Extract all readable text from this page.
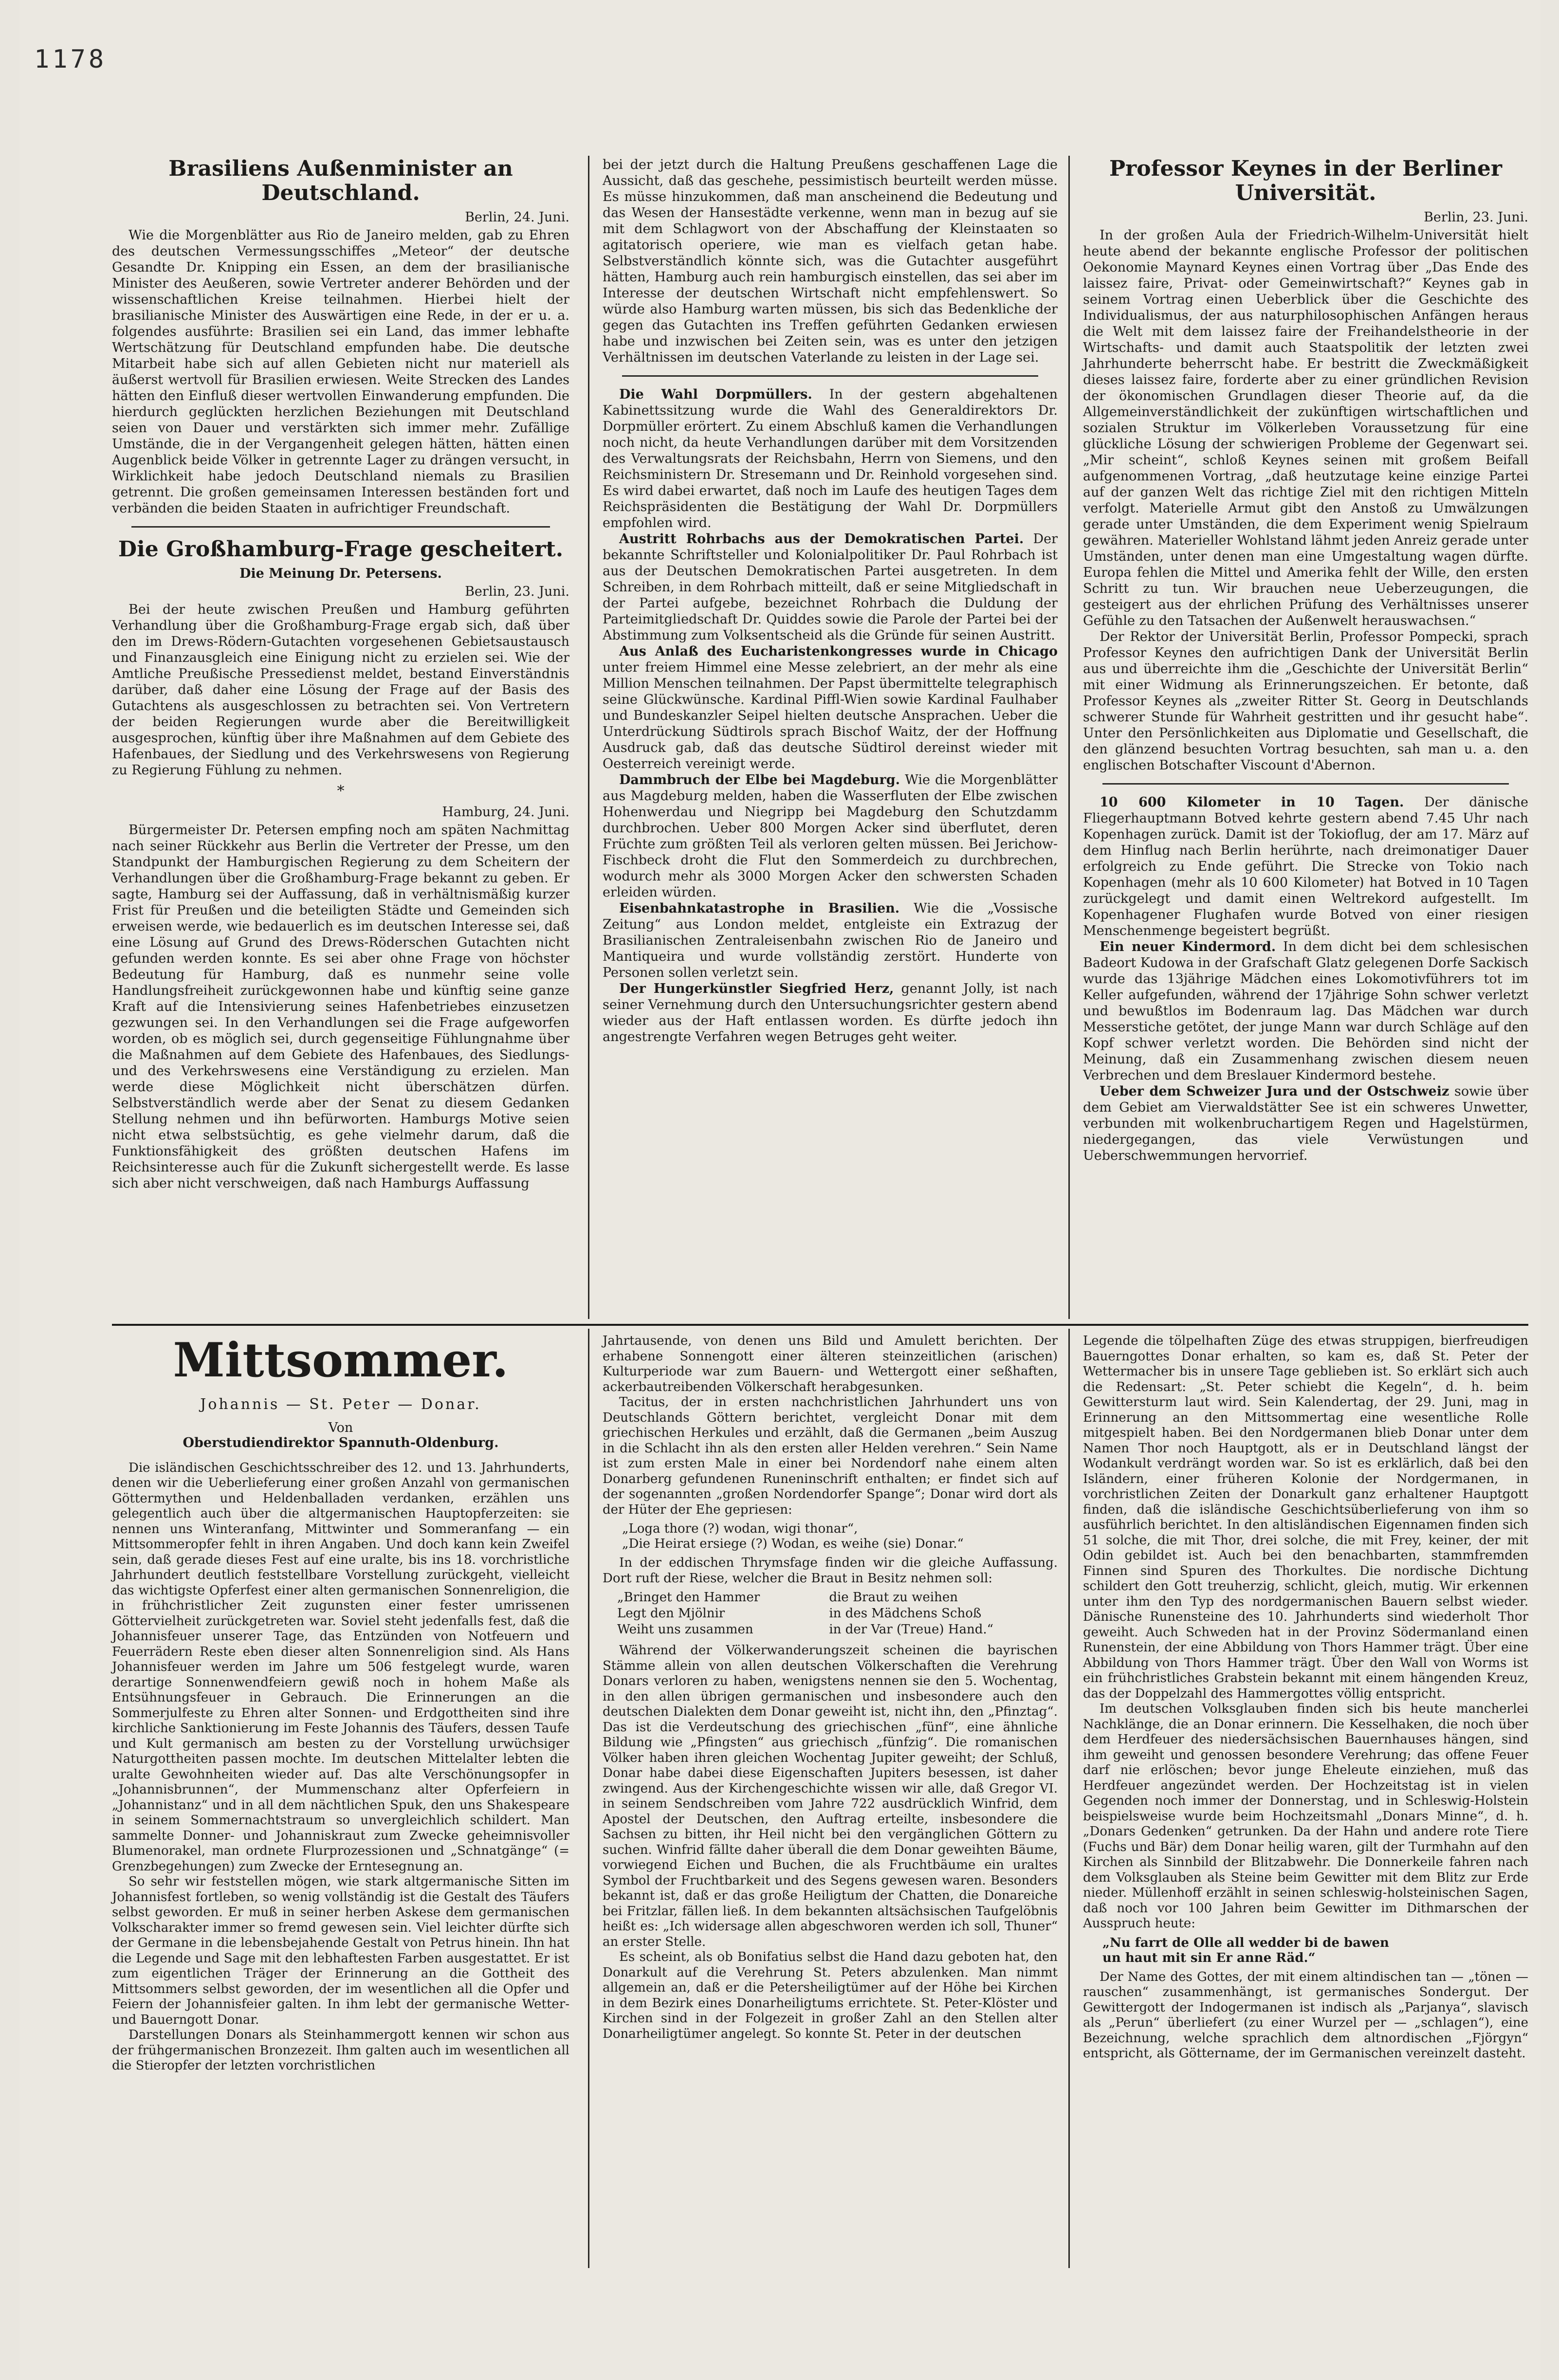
1178
Brasiliens Außenminister an Deutschland.
Berlin, 24. Juni.

Wie die Morgenblätter aus Rio de Janeiro melden, gab zu Ehren des deutschen Vermessungsschiffes „Meteor“ der deutsche Gesandte Dr. Knipping ein Essen, an dem der brasilianische Minister des Aeußeren, sowie Vertreter anderer Behörden und der wissenschaftlichen Kreise teilnahmen. Hierbei hielt der brasilianische Minister des Auswärtigen eine Rede, in der er u. a. folgendes ausführte: Brasilien sei ein Land, das immer lebhafte Wertschätzung für Deutschland empfunden habe. Die deutsche Mitarbeit habe sich auf allen Gebieten nicht nur materiell als äußerst wertvoll für Brasilien erwiesen. Weite Strecken des Landes hätten den Einfluß dieser wertvollen Einwanderung empfunden. Die hierdurch geglückten herzlichen Beziehungen mit Deutschland seien von Dauer und verstärkten sich immer mehr. Zufällige Umstände, die in der Vergangenheit gelegen hätten, hätten einen Augenblick beide Völker in getrennte Lager zu drängen versucht, in Wirklichkeit habe jedoch Deutschland niemals zu Brasilien getrennt. Die großen gemeinsamen Interessen beständen fort und verbänden die beiden Staaten in aufrichtiger Freundschaft.

Die Großhamburg-Frage gescheitert.
Die Meinung Dr. Petersens.
Berlin, 23. Juni.

Bei der heute zwischen Preußen und Hamburg geführten Verhandlung über die Großhamburg-Frage ergab sich, daß über den im Drews-Rödern-Gutachten vorgesehenen Gebietsaustausch und Finanzausgleich eine Einigung nicht zu erzielen sei. Wie der Amtliche Preußische Pressedienst meldet, bestand Einverständnis darüber, daß daher eine Lösung der Frage auf der Basis des Gutachtens als ausgeschlossen zu betrachten sei. Von Vertretern der beiden Regierungen wurde aber die Bereitwilligkeit ausgesprochen, künftig über ihre Maßnahmen auf dem Gebiete des Hafenbaues, der Siedlung und des Verkehrswesens von Regierung zu Regierung Fühlung zu nehmen.

*
Hamburg, 24. Juni.

Bürgermeister Dr. Petersen empfing noch am späten Nachmittag nach seiner Rückkehr aus Berlin die Vertreter der Presse, um den Standpunkt der Hamburgischen Regierung zu dem Scheitern der Verhandlungen über die Großhamburg-Frage bekannt zu geben. Er sagte, Hamburg sei der Auffassung, daß in verhältnismäßig kurzer Frist für Preußen und die beteiligten Städte und Gemeinden sich erweisen werde, wie bedauerlich es im deutschen Interesse sei, daß eine Lösung auf Grund des Drews-Röderschen Gutachten nicht gefunden werden konnte. Es sei aber ohne Frage von höchster Bedeutung für Hamburg, daß es nunmehr seine volle Handlungsfreiheit zurückgewonnen habe und künftig seine ganze Kraft auf die Intensivierung seines Hafenbetriebes einzusetzen gezwungen sei. In den Verhandlungen sei die Frage aufgeworfen worden, ob es möglich sei, durch gegenseitige Fühlungnahme über die Maßnahmen auf dem Gebiete des Hafenbaues, des Siedlungs- und des Verkehrswesens eine Verständigung zu erzielen. Man werde diese Möglichkeit nicht überschätzen dürfen. Selbstverständlich werde aber der Senat zu diesem Gedanken Stellung nehmen und ihn befürworten. Hamburgs Motive seien nicht etwa selbstsüchtig, es gehe vielmehr darum, daß die Funktionsfähigkeit des größten deutschen Hafens im Reichsinteresse auch für die Zukunft sichergestellt werde. Es lasse sich aber nicht verschweigen, daß nach Hamburgs Auffassung

bei der jetzt durch die Haltung Preußens geschaffenen Lage die Aussicht, daß das geschehe, pessimistisch beurteilt werden müsse. Es müsse hinzukommen, daß man anscheinend die Bedeutung und das Wesen der Hansestädte verkenne, wenn man in bezug auf sie mit dem Schlagwort von der Abschaffung der Kleinstaaten so agitatorisch operiere, wie man es vielfach getan habe. Selbstverständlich könnte sich, was die Gutachter ausgeführt hätten, Hamburg auch rein hamburgisch einstellen, das sei aber im Interesse der deutschen Wirtschaft nicht empfehlenswert. So würde also Hamburg warten müssen, bis sich das Bedenkliche der gegen das Gutachten ins Treffen geführten Gedanken erwiesen habe und inzwischen bei Zeiten sein, was es unter den jetzigen Verhältnissen im deutschen Vaterlande zu leisten in der Lage sei.

Die Wahl Dorpmüllers. In der gestern abgehaltenen Kabinettssitzung wurde die Wahl des Generaldirektors Dr. Dorpmüller erörtert. Zu einem Abschluß kamen die Verhandlungen noch nicht, da heute Verhandlungen darüber mit dem Vorsitzenden des Verwaltungsrats der Reichsbahn, Herrn von Siemens, und den Reichsministern Dr. Stresemann und Dr. Reinhold vorgesehen sind. Es wird dabei erwartet, daß noch im Laufe des heutigen Tages dem Reichspräsidenten die Bestätigung der Wahl Dr. Dorpmüllers empfohlen wird.

Austritt Rohrbachs aus der Demokratischen Partei. Der bekannte Schriftsteller und Kolonialpolitiker Dr. Paul Rohrbach ist aus der Deutschen Demokratischen Partei ausgetreten. In dem Schreiben, in dem Rohrbach mitteilt, daß er seine Mitgliedschaft in der Partei aufgebe, bezeichnet Rohrbach die Duldung der Parteimitgliedschaft Dr. Quiddes sowie die Parole der Partei bei der Abstimmung zum Volksentscheid als die Gründe für seinen Austritt.

Aus Anlaß des Eucharistenkongresses wurde in Chicago unter freiem Himmel eine Messe zelebriert, an der mehr als eine Million Menschen teilnahmen. Der Papst übermittelte telegraphisch seine Glückwünsche. Kardinal Piffl-Wien sowie Kardinal Faulhaber und Bundeskanzler Seipel hielten deutsche Ansprachen. Ueber die Unterdrückung Südtirols sprach Bischof Waitz, der der Hoffnung Ausdruck gab, daß das deutsche Südtirol dereinst wieder mit Oesterreich vereinigt werde.

Dammbruch der Elbe bei Magdeburg. Wie die Morgenblätter aus Magdeburg melden, haben die Wasserfluten der Elbe zwischen Hohenwerdau und Niegripp bei Magdeburg den Schutzdamm durchbrochen. Ueber 800 Morgen Acker sind überflutet, deren Früchte zum größten Teil als verloren gelten müssen. Bei Jerichow-Fischbeck droht die Flut den Sommerdeich zu durchbrechen, wodurch mehr als 3000 Morgen Acker den schwersten Schaden erleiden würden.

Eisenbahnkatastrophe in Brasilien. Wie die „Vossische Zeitung“ aus London meldet, entgleiste ein Extrazug der Brasilianischen Zentraleisenbahn zwischen Rio de Janeiro und Mantiqueira und wurde vollständig zerstört. Hunderte von Personen sollen verletzt sein.

Der Hungerkünstler Siegfried Herz, genannt Jolly, ist nach seiner Vernehmung durch den Untersuchungsrichter gestern abend wieder aus der Haft entlassen worden. Es dürfte jedoch ihn angestrengte Verfahren wegen Betruges geht weiter.

Professor Keynes in der Berliner Universität.
Berlin, 23. Juni.

In der großen Aula der Friedrich-Wilhelm-Universität hielt heute abend der bekannte englische Professor der politischen Oekonomie Maynard Keynes einen Vortrag über „Das Ende des laissez faire, Privat- oder Gemeinwirtschaft?“ Keynes gab in seinem Vortrag einen Ueberblick über die Geschichte des Individualismus, der aus naturphilosophischen Anfängen heraus die Welt mit dem laissez faire der Freihandelstheorie in der Wirtschafts- und damit auch Staatspolitik der letzten zwei Jahrhunderte beherrscht habe. Er bestritt die Zweckmäßigkeit dieses laissez faire, forderte aber zu einer gründlichen Revision der ökonomischen Grundlagen dieser Theorie auf, da die Allgemeinverständlichkeit der zukünftigen wirtschaftlichen und sozialen Struktur im Völkerleben Voraussetzung für eine glückliche Lösung der schwierigen Probleme der Gegenwart sei. „Mir scheint“, schloß Keynes seinen mit großem Beifall aufgenommenen Vortrag, „daß heutzutage keine einzige Partei auf der ganzen Welt das richtige Ziel mit den richtigen Mitteln verfolgt. Materielle Armut gibt den Anstoß zu Umwälzungen gerade unter Umständen, die dem Experiment wenig Spielraum gewähren. Materieller Wohlstand lähmt jeden Anreiz gerade unter Umständen, unter denen man eine Umgestaltung wagen dürfte. Europa fehlen die Mittel und Amerika fehlt der Wille, den ersten Schritt zu tun. Wir brauchen neue Ueberzeugungen, die gesteigert aus der ehrlichen Prüfung des Verhältnisses unserer Gefühle zu den Tatsachen der Außenwelt herauswachsen.“

Der Rektor der Universität Berlin, Professor Pompecki, sprach Professor Keynes den aufrichtigen Dank der Universität Berlin aus und überreichte ihm die „Geschichte der Universität Berlin“ mit einer Widmung als Erinnerungszeichen. Er betonte, daß Professor Keynes als „zweiter Ritter St. Georg in Deutschlands schwerer Stunde für Wahrheit gestritten und ihr gesucht habe“. Unter den Persönlichkeiten aus Diplomatie und Gesellschaft, die den glänzend besuchten Vortrag besuchten, sah man u. a. den englischen Botschafter Viscount d'Abernon.

10 600 Kilometer in 10 Tagen. Der dänische Fliegerhauptmann Botved kehrte gestern abend 7.45 Uhr nach Kopenhagen zurück. Damit ist der Tokioflug, der am 17. März auf dem Hinflug nach Berlin herührte, nach dreimonatiger Dauer erfolgreich zu Ende geführt. Die Strecke von Tokio nach Kopenhagen (mehr als 10 600 Kilometer) hat Botved in 10 Tagen zurückgelegt und damit einen Weltrekord aufgestellt. Im Kopenhagener Flughafen wurde Botved von einer riesigen Menschenmenge begeistert begrüßt.

Ein neuer Kindermord. In dem dicht bei dem schlesischen Badeort Kudowa in der Grafschaft Glatz gelegenen Dorfe Sackisch wurde das 13jährige Mädchen eines Lokomotivführers tot im Keller aufgefunden, während der 17jährige Sohn schwer verletzt und bewußtlos im Bodenraum lag. Das Mädchen war durch Messerstiche getötet, der junge Mann war durch Schläge auf den Kopf schwer verletzt worden. Die Behörden sind nicht der Meinung, daß ein Zusammenhang zwischen diesem neuen Verbrechen und dem Breslauer Kindermord bestehe.

Ueber dem Schweizer Jura und der Ostschweiz sowie über dem Gebiet am Vierwaldstätter See ist ein schweres Unwetter, verbunden mit wolkenbruchartigem Regen und Hagelstürmen, niedergegangen, das viele Verwüstungen und Ueberschwemmungen hervorrief.

Mittsommer.
Johannis — St. Peter — Donar.
Von
Oberstudiendirektor Spannuth-Oldenburg.

Die isländischen Geschichtsschreiber des 12. und 13. Jahrhunderts, denen wir die Ueberlieferung einer großen Anzahl von germanischen Göttermythen und Heldenballaden verdanken, erzählen uns gelegentlich auch über die altgermanischen Hauptopferzeiten: sie nennen uns Winteranfang, Mittwinter und Sommeranfang — ein Mittsommeropfer fehlt in ihren Angaben. Und doch kann kein Zweifel sein, daß gerade dieses Fest auf eine uralte, bis ins 18. vorchristliche Jahrhundert deutlich feststellbare Vorstellung zurückgeht, vielleicht das wichtigste Opferfest einer alten germanischen Sonnenreligion, die in frühchristlicher Zeit zugunsten einer fester umrissenen Göttervielheit zurückgetreten war. Soviel steht jedenfalls fest, daß die Johannisfeuer unserer Tage, das Entzünden von Notfeuern und Feuerrädern Reste eben dieser alten Sonnenreligion sind. Als Hans Johannisfeuer werden im Jahre um 506 festgelegt wurde, waren derartige Sonnenwendfeiern gewiß noch in hohem Maße als Entsühnungsfeuer in Gebrauch. Die Erinnerungen an die Sommerjulfeste zu Ehren alter Sonnen- und Erdgottheiten sind ihre kirchliche Sanktionierung im Feste Johannis des Täufers, dessen Taufe und Kult germanisch am besten zu der Vorstellung urwüchsiger Naturgottheiten passen mochte. Im deutschen Mittelalter lebten die uralte Gewohnheiten wieder auf. Das alte Verschönungsopfer in „Johannisbrunnen“, der Mummenschanz alter Opferfeiern in „Johannistanz“ und in all dem nächtlichen Spuk, den uns Shakespeare in seinem Sommernachtstraum so unvergleichlich schildert. Man sammelte Donner- und Johanniskraut zum Zwecke geheimnisvoller Blumenorakel, man ordnete Flurprozessionen und „Schnatgänge“ (= Grenzbegehungen) zum Zwecke der Erntesegnung an.

So sehr wir feststellen mögen, wie stark altgermanische Sitten im Johannisfest fortleben, so wenig vollständig ist die Gestalt des Täufers selbst geworden. Er muß in seiner herben Askese dem germanischen Volkscharakter immer so fremd gewesen sein. Viel leichter dürfte sich der Germane in die lebensbejahende Gestalt von Petrus hinein. Ihn hat die Legende und Sage mit den lebhaftesten Farben ausgestattet. Er ist zum eigentlichen Träger der Erinnerung an die Gottheit des Mittsommers selbst geworden, der im wesentlichen all die Opfer und Feiern der Johannisfeier galten. In ihm lebt der germanische Wetter- und Bauerngott Donar.

Darstellungen Donars als Steinhammergott kennen wir schon aus der frühgermanischen Bronzezeit. Ihm galten auch im wesentlichen all die Stieropfer der letzten vorchristlichen

Jahrtausende, von denen uns Bild und Amulett berichten. Der erhabene Sonnengott einer älteren steinzeitlichen (arischen) Kulturperiode war zum Bauern- und Wettergott einer seßhaften, ackerbautreibenden Völkerschaft herabgesunken.

Tacitus, der in ersten nachchristlichen Jahrhundert uns von Deutschlands Göttern berichtet, vergleicht Donar mit dem griechischen Herkules und erzählt, daß die Germanen „beim Auszug in die Schlacht ihn als den ersten aller Helden verehren.“ Sein Name ist zum ersten Male in einer bei Nordendorf nahe einem alten Donarberg gefundenen Runeninschrift enthalten; er findet sich auf der sogenannten „großen Nordendorfer Spange“; Donar wird dort als der Hüter der Ehe gepriesen:

„Loga thore (?) wodan, wigi thonar“,
„Die Heirat ersiege (?) Wodan, es weihe (sie) Donar.“

In der eddischen Thrymsfage finden wir die gleiche Auffassung. Dort ruft der Riese, welcher die Braut in Besitz nehmen soll:

„Bringet den Hammer	die Braut zu weihen
Legt den Mjölnir	in des Mädchens Schoß
Weiht uns zusammen	in der Var (Treue) Hand.“

Während der Völkerwanderungszeit scheinen die bayrischen Stämme allein von allen deutschen Völkerschaften die Verehrung Donars verloren zu haben, wenigstens nennen sie den 5. Wochentag, in den allen übrigen germanischen und insbesondere auch den deutschen Dialekten dem Donar geweiht ist, nicht ihn, den „Pfinztag“. Das ist die Verdeutschung des griechischen „fünf“, eine ähnliche Bildung wie „Pfingsten“ aus griechisch „fünfzig“. Die romanischen Völker haben ihren gleichen Wochentag Jupiter geweiht; der Schluß, Donar habe dabei diese Eigenschaften Jupiters besessen, ist daher zwingend. Aus der Kirchengeschichte wissen wir alle, daß Gregor VI. in seinem Sendschreiben vom Jahre 722 ausdrücklich Winfrid, dem Apostel der Deutschen, den Auftrag erteilte, insbesondere die Sachsen zu bitten, ihr Heil nicht bei den vergänglichen Göttern zu suchen. Winfrid fällte daher überall die dem Donar geweihten Bäume, vorwiegend Eichen und Buchen, die als Fruchtbäume ein uraltes Symbol der Fruchtbarkeit und des Segens gewesen waren. Besonders bekannt ist, daß er das große Heiligtum der Chatten, die Donareiche bei Fritzlar, fällen ließ. In dem bekannten altsächsischen Taufgelöbnis heißt es: „Ich widersage allen abgeschworen werden ich soll, Thuner“ an erster Stelle.

Es scheint, als ob Bonifatius selbst die Hand dazu geboten hat, den Donarkult auf die Verehrung St. Peters abzulenken. Man nimmt allgemein an, daß er die Petersheiligtümer auf der Höhe bei Kirchen in dem Bezirk eines Donarheiligtums errichtete. St. Peter-Klöster und Kirchen sind in der Folgezeit in großer Zahl an den Stellen alter Donarheiligtümer angelegt. So konnte St. Peter in der deutschen

Legende die tölpelhaften Züge des etwas struppigen, bierfreudigen Bauerngottes Donar erhalten, so kam es, daß St. Peter der Wettermacher bis in unsere Tage geblieben ist. So erklärt sich auch die Redensart: „St. Peter schiebt die Kegeln“, d. h. beim Gewittersturm laut wird. Sein Kalendertag, der 29. Juni, mag in Erinnerung an den Mittsommertag eine wesentliche Rolle mitgespielt haben. Bei den Nordgermanen blieb Donar unter dem Namen Thor noch Hauptgott, als er in Deutschland längst der Wodankult verdrängt worden war. So ist es erklärlich, daß bei den Isländern, einer früheren Kolonie der Nordgermanen, in vorchristlichen Zeiten der Donarkult ganz erhaltener Hauptgott finden, daß die isländische Geschichtsüberlieferung von ihm so ausführlich berichtet. In den altisländischen Eigennamen finden sich 51 solche, die mit Thor, drei solche, die mit Frey, keiner, der mit Odin gebildet ist. Auch bei den benachbarten, stammfremden Finnen sind Spuren des Thorkultes. Die nordische Dichtung schildert den Gott treuherzig, schlicht, gleich, mutig. Wir erkennen unter ihm den Typ des nordgermanischen Bauern selbst wieder. Dänische Runensteine des 10. Jahrhunderts sind wiederholt Thor geweiht. Auch Schweden hat in der Provinz Södermanland einen Runenstein, der eine Abbildung von Thors Hammer trägt. Über eine Abbildung von Thors Hammer trägt. Über den Wall von Worms ist ein frühchristliches Grabstein bekannt mit einem hängenden Kreuz, das der Doppelzahl des Hammergottes völlig entspricht.

Im deutschen Volksglauben finden sich bis heute mancherlei Nachklänge, die an Donar erinnern. Die Kesselhaken, die noch über dem Herdfeuer des niedersächsischen Bauernhauses hängen, sind ihm geweiht und genossen besondere Verehrung; das offene Feuer darf nie erlöschen; bevor junge Eheleute einziehen, muß das Herdfeuer angezündet werden. Der Hochzeitstag ist in vielen Gegenden noch immer der Donnerstag, und in Schleswig-Holstein beispielsweise wurde beim Hochzeitsmahl „Donars Minne“, d. h. „Donars Gedenken“ getrunken. Da der Hahn und andere rote Tiere (Fuchs und Bär) dem Donar heilig waren, gilt der Turmhahn auf den Kirchen als Sinnbild der Blitzabwehr. Die Donnerkeile fahren nach dem Volksglauben als Steine beim Gewitter mit dem Blitz zur Erde nieder. Müllenhoff erzählt in seinen schleswig-holsteinischen Sagen, daß noch vor 100 Jahren beim Gewitter im Dithmarschen der Ausspruch heute:

„Nu farrt de Olle all wedder bi de bawen
un haut mit sin Er anne Räd.“

Der Name des Gottes, der mit einem altindischen tan — „tönen — rauschen“ zusammenhängt, ist germanisches Sondergut. Der Gewittergott der Indogermanen ist indisch als „Parjanya“, slavisch als „Perun“ überliefert (zu einer Wurzel per — „schlagen“), eine Bezeichnung, welche sprachlich dem altnordischen „Fjörgyn“ entspricht, als Göttername, der im Germanischen vereinzelt dasteht.
